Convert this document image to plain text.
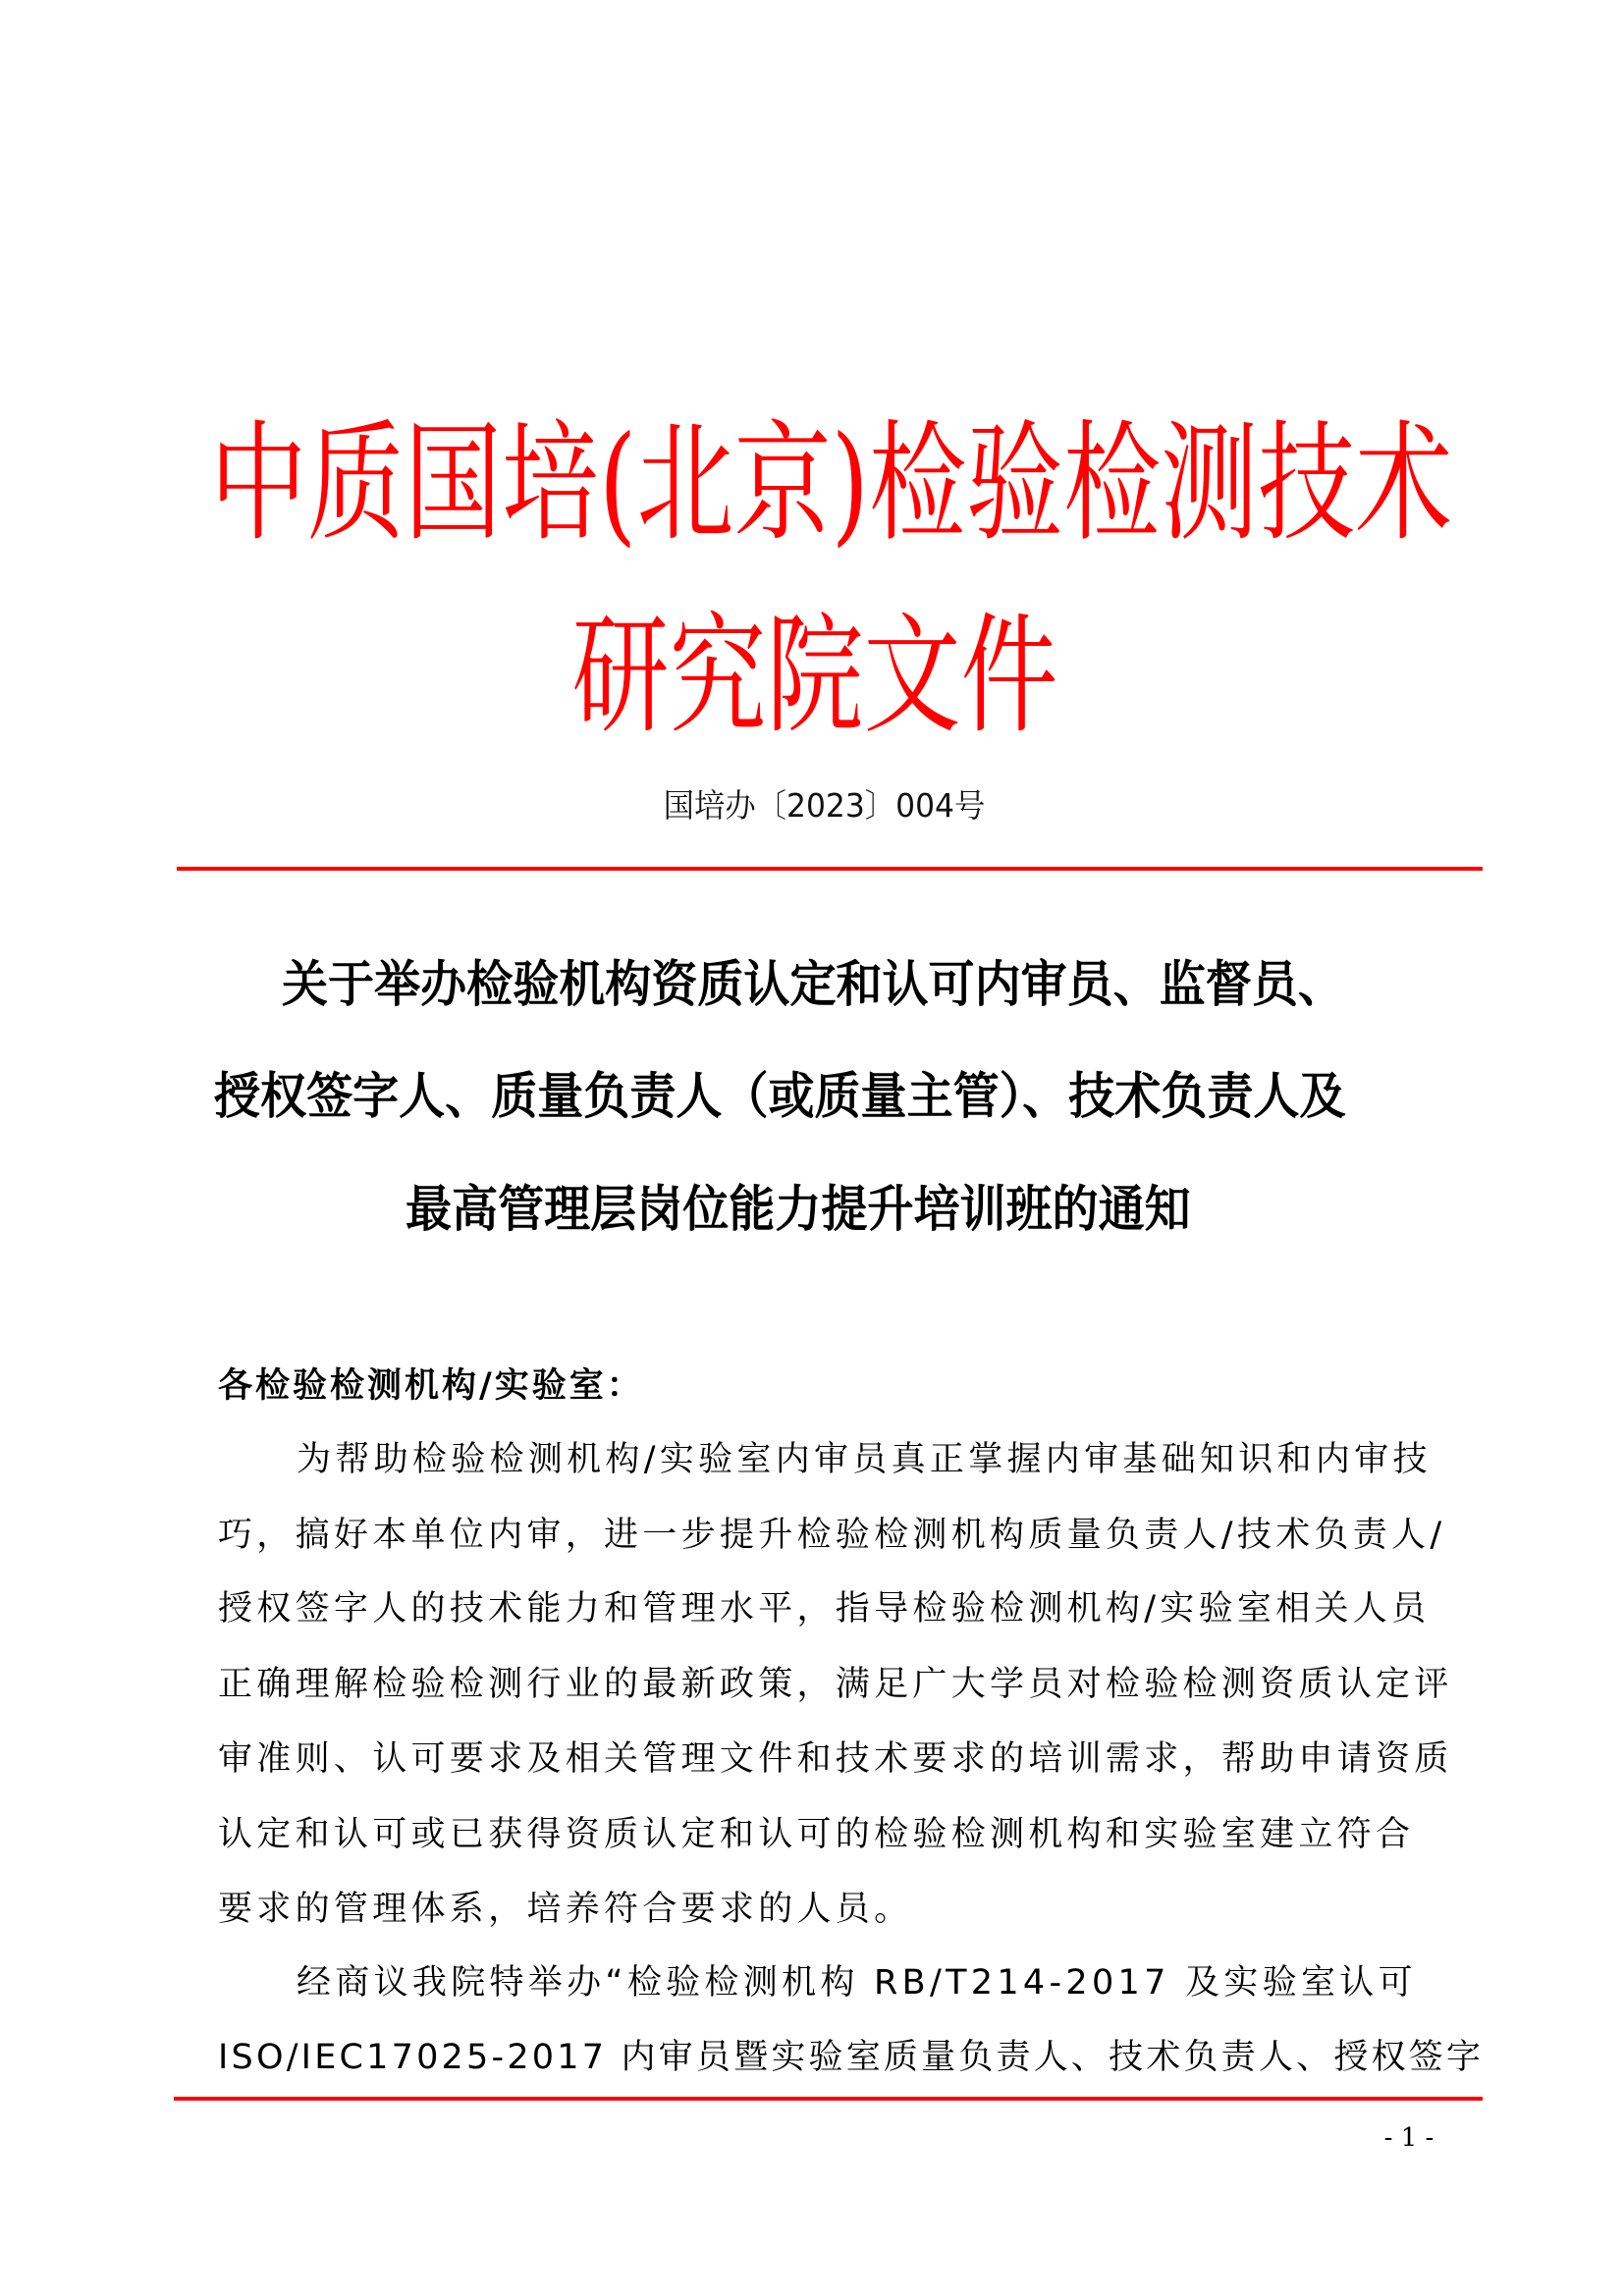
中质国培(北京)检验检测技术
研究院文件
国培办〔2023〕004号
关于举办检验机构资质认定和认可内审员、监督员、
授权签字人、质量负责人（或质量主管）、技术负责人及
最高管理层岗位能力提升培训班的通知
各检验检测机构/实验室：
为帮助检验检测机构/实验室内审员真正掌握内审基础知识和内审技
巧，搞好本单位内审，进一步提升检验检测机构质量负责人/技术负责人/
授权签字人的技术能力和管理水平，指导检验检测机构/实验室相关人员
正确理解检验检测行业的最新政策，满足广大学员对检验检测资质认定评
审准则、认可要求及相关管理文件和技术要求的培训需求，帮助申请资质
认定和认可或已获得资质认定和认可的检验检测机构和实验室建立符合
要求的管理体系，培养符合要求的人员。
经商议我院特举办“检验检测机构 RB/T214-2017 及实验室认可
ISO/IEC17025-2017 内审员暨实验室质量负责人、技术负责人、授权签字
- 1 -
